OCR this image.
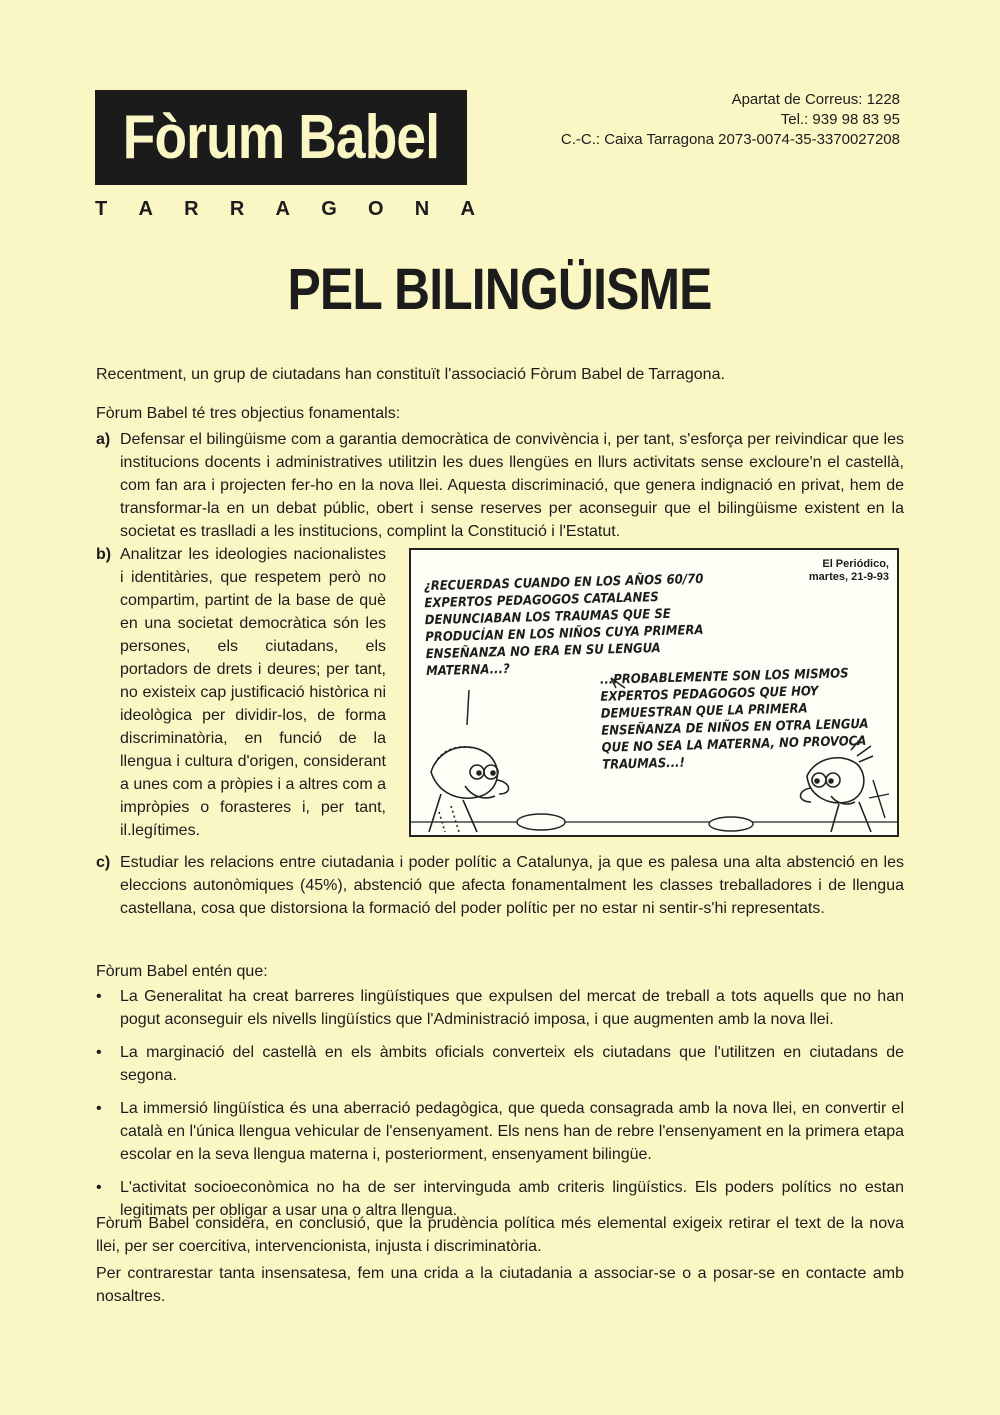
Fòrum Babel
T A R R A G O N A
Apartat de Correus: 1228
Tel.: 939 98 83 95
C.-C.: Caixa Tarragona 2073-0074-35-3370027208
PEL BILINGÜISME
Recentment, un grup de ciutadans han constituït l'associació Fòrum Babel de Tarragona.
Fòrum Babel té tres objectius fonamentals:
a) Defensar el bilingüisme com a garantia democràtica de convivència i, per tant, s'esforça per reivindicar que les institucions docents i administratives utilitzin les dues llengües en llurs activitats sense excloure'n el castellà, com fan ara i projecten fer-ho en la nova llei. Aquesta discriminació, que genera indignació en privat, hem de transformar-la en un debat públic, obert i sense reserves per aconseguir que el bilingüisme existent en la societat es traslladi a les institucions, complint la Constitució i l'Estatut.
b) Analitzar les ideologies nacionalistes i identitàries, que respetem però no compartim, partint de la base de què en una societat democràtica són les persones, els ciutadans, els portadors de drets i deures; per tant, no existeix cap justificació històrica ni ideològica per dividir-los, de forma discriminatòria, en funció de la llengua i cultura d'origen, considerant a unes com a pròpies i a altres com a impròpies o forasteres i, per tant, il.legítimes.
El Periódico,
martes, 21-9-93
¿RECUERDAS CUANDO EN LOS AÑOS 60/70 EXPERTOS PEDAGOGOS CATALANES DENUNCIABAN LOS TRAUMAS QUE SE PRODUCÍAN EN LOS NIÑOS CUYA PRIMERA ENSEÑANZA NO ERA EN SU LENGUA MATERNA...?	...PROBABLEMENTE SON LOS MISMOS EXPERTOS PEDAGOGOS QUE HOY DEMUESTRAN QUE LA PRIMERA ENSEÑANZA DE NIÑOS EN OTRA LENGUA QUE NO SEA LA MATERNA, NO PROVOCA TRAUMAS...!
c) Estudiar les relacions entre ciutadania i poder polític a Catalunya, ja que es palesa una alta abstenció en les eleccions autonòmiques (45%), abstenció que afecta fonamentalment les classes treballadores i de llengua castellana, cosa que distorsiona la formació del poder polític per no estar ni sentir-s'hi representats.
Fòrum Babel entén que:
•	La Generalitat ha creat barreres lingüístiques que expulsen del mercat de treball a tots aquells que no han pogut aconseguir els nivells lingüístics que l'Administració imposa, i que augmenten amb la nova llei.
•	La marginació del castellà en els àmbits oficials converteix els ciutadans que l'utilitzen en ciutadans de segona.
•	La immersió lingüística és una aberració pedagògica, que queda consagrada amb la nova llei, en convertir el català en l'única llengua vehicular de l'ensenyament. Els nens han de rebre l'ensenyament en la primera etapa escolar en la seva llengua materna i, posteriorment, ensenyament bilingüe.
•	L'activitat socioeconòmica no ha de ser intervinguda amb criteris lingüístics. Els poders polítics no estan legitimats per obligar a usar una o altra llengua.
Fòrum Babel considera, en conclusió, que la prudència política més elemental exigeix retirar el text de la nova llei, per ser coercitiva, intervencionista, injusta i discriminatòria.
Per contrarestar tanta insensatesa, fem una crida a la ciutadania a associar-se o a posar-se en contacte amb nosaltres.
